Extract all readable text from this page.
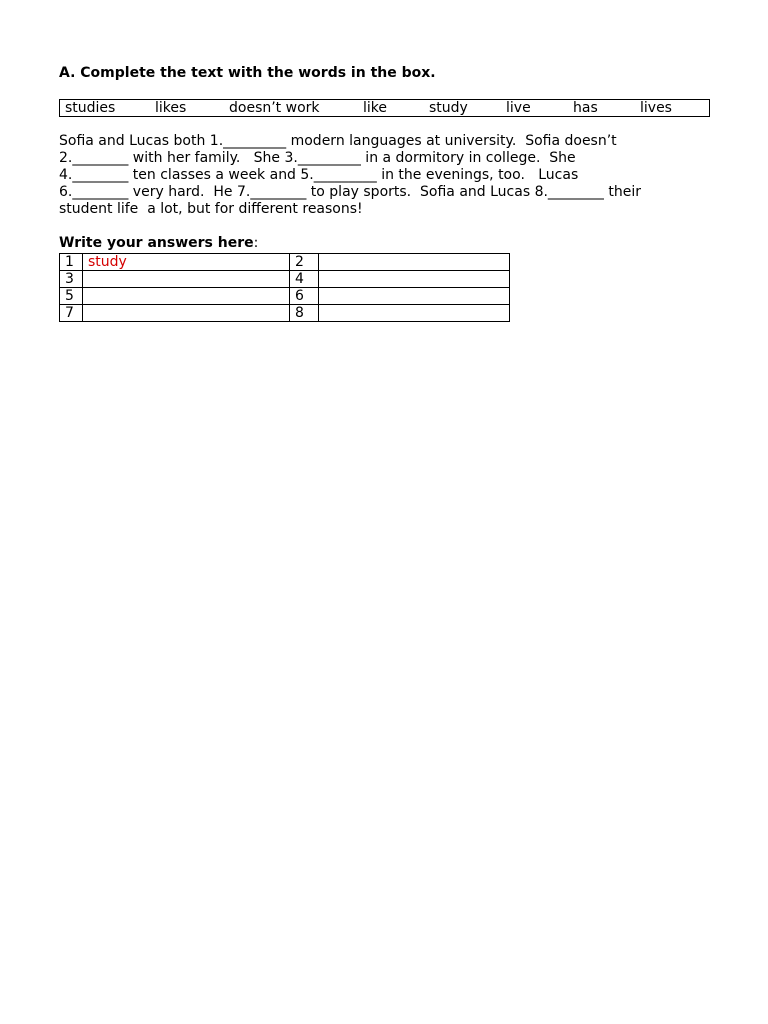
A. Complete the text with the words in the box.

studies	likes	doesn’t work	like	study	live	has	lives
Sofia and Lucas both 1._________ modern languages at university.  Sofia doesn’t
2.________ with her family.   She 3._________ in a dormitory in college.  She
4.________ ten classes a week and 5._________ in the evenings, too.   Lucas
6.________ very hard.  He 7.________ to play sports.  Sofia and Lucas 8.________ their
student life  a lot, but for different reasons!
Write your answers here:
1	study	2	
3		4	
5		6	
7		8	
